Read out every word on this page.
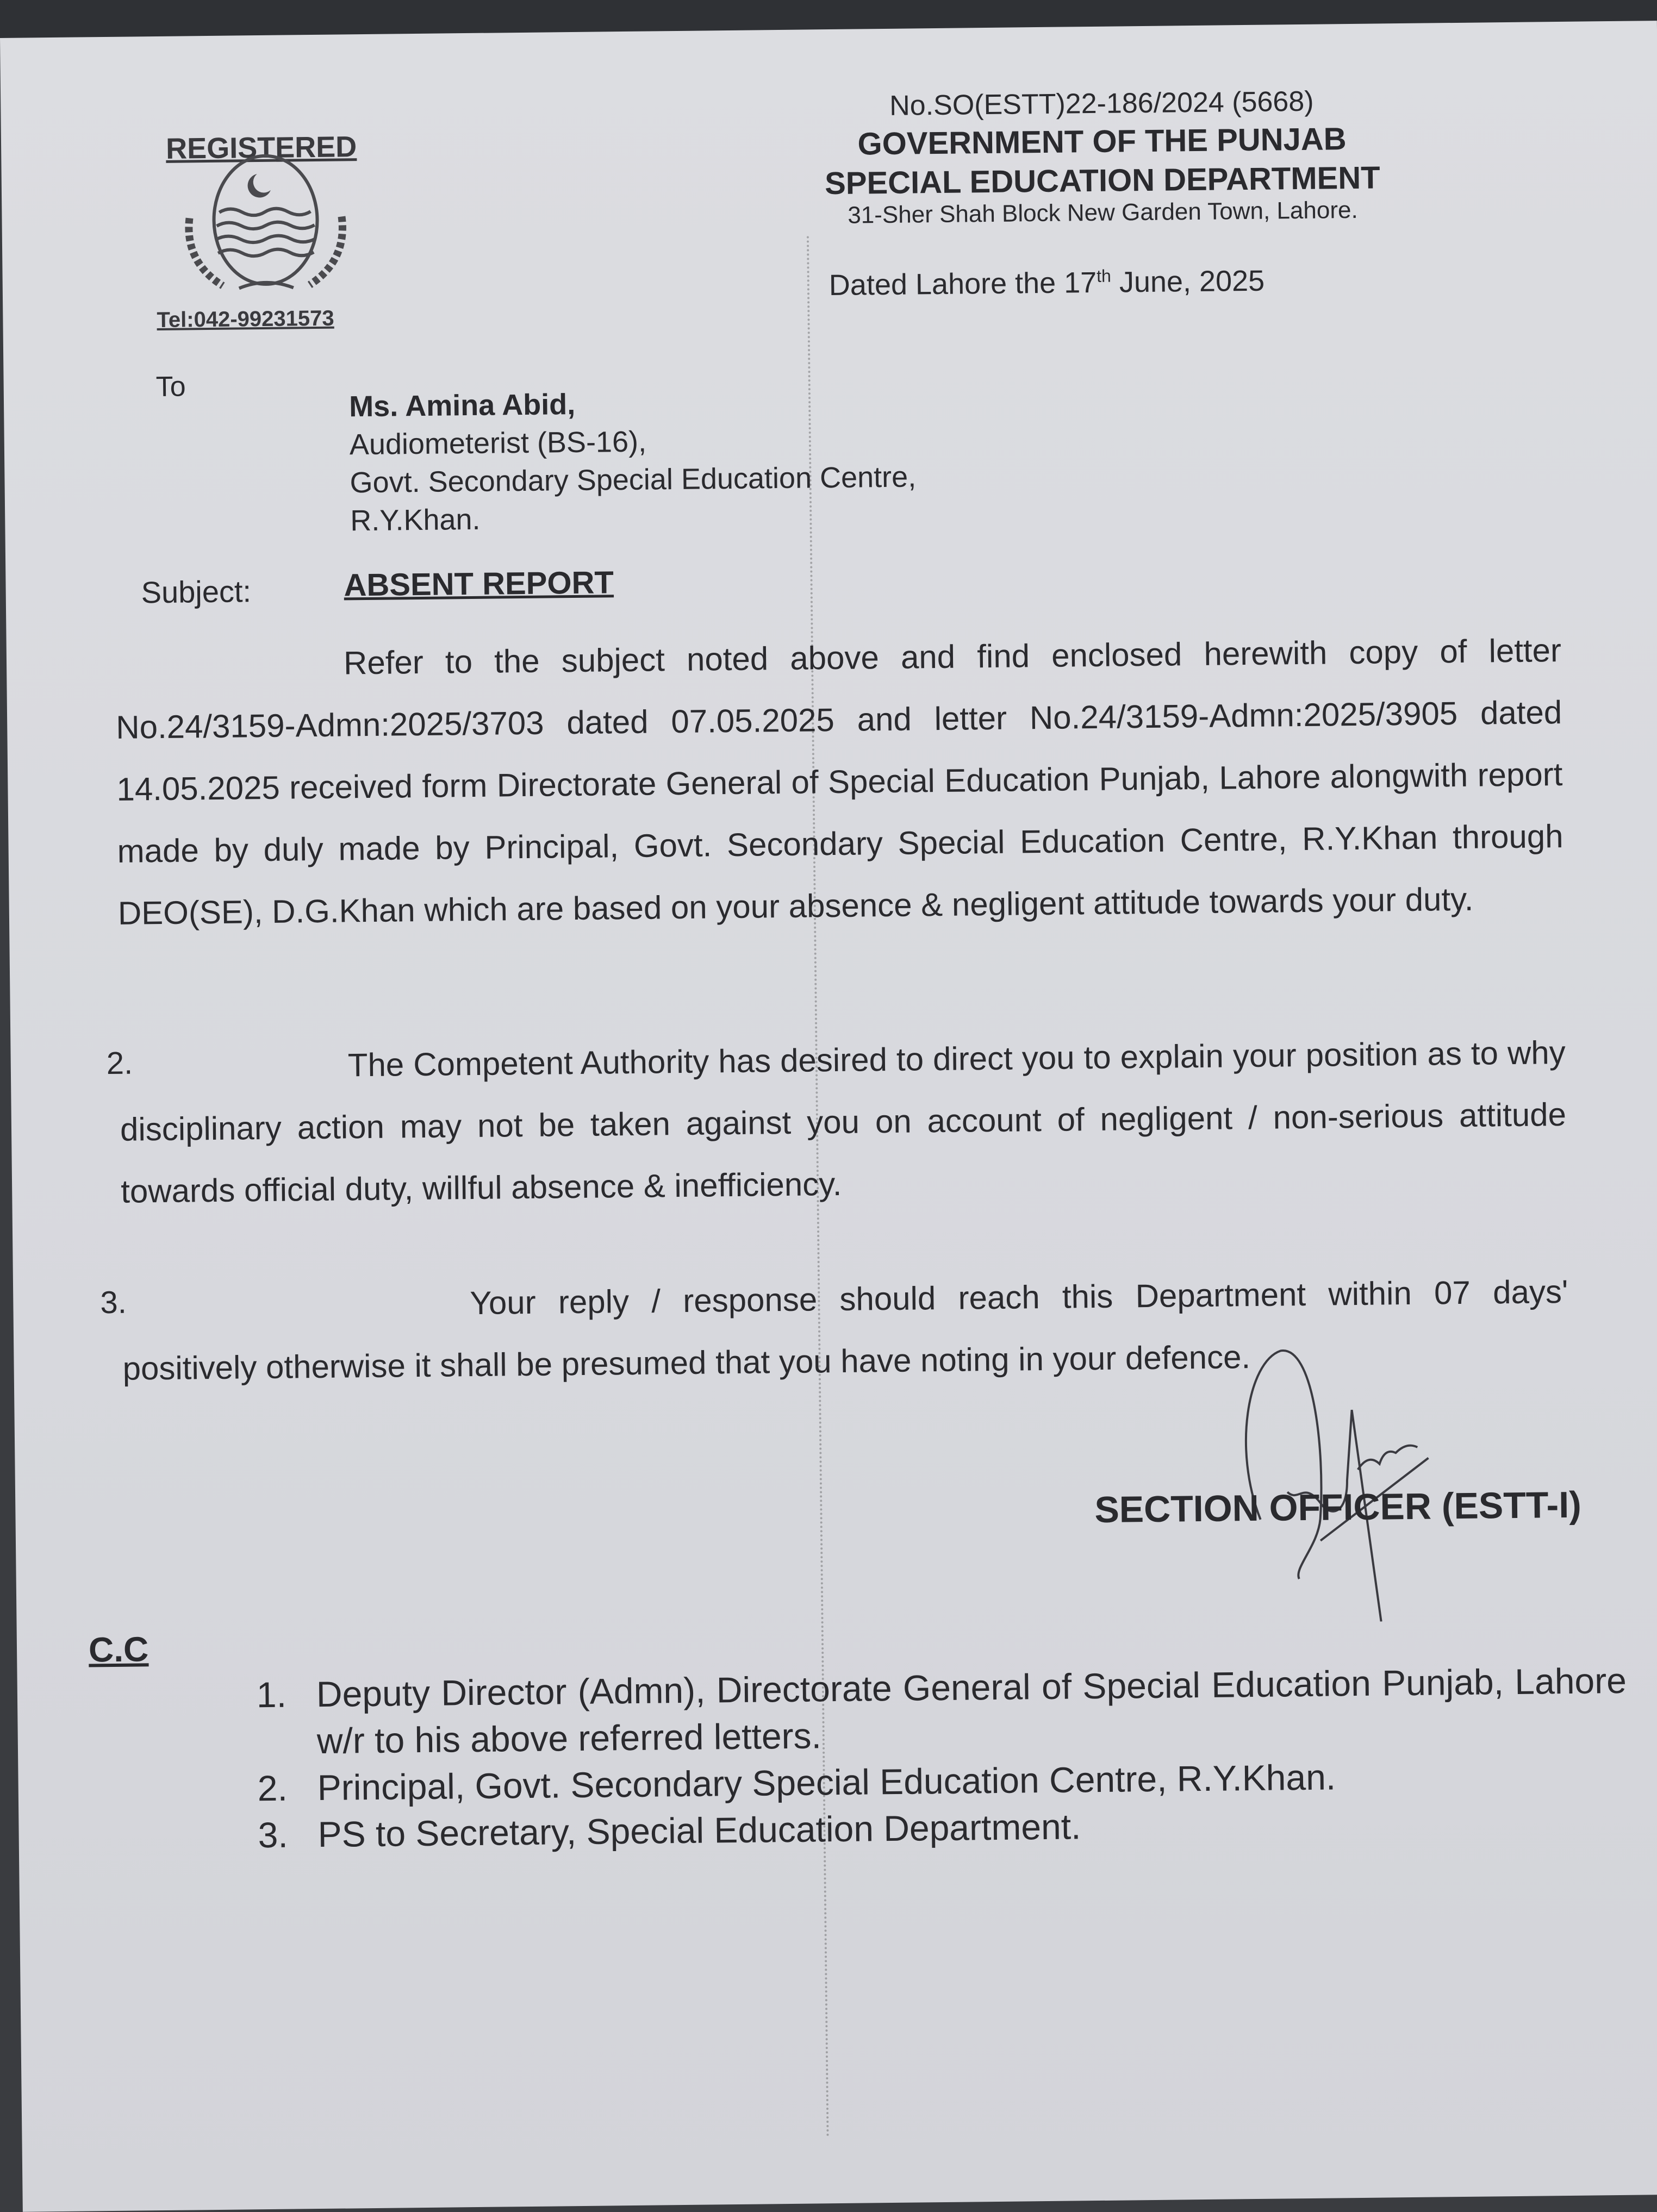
REGISTERED
Tel:042-99231573
No.SO(ESTT)22-186/2024 (5668)
GOVERNMENT OF THE PUNJAB
SPECIAL EDUCATION DEPARTMENT
31-Sher Shah Block New Garden Town, Lahore.
Dated Lahore the 17th June, 2025
To
Ms. Amina Abid,
Audiometerist (BS-16),
Govt. Secondary Special Education Centre,
R.Y.Khan.
Subject:	ABSENT REPORT
Refer to the subject noted above and find enclosed herewith copy of letter No.24/3159-Admn:2025/3703 dated 07.05.2025 and letter No.24/3159-Admn:2025/3905 dated 14.05.2025 received form Directorate General of Special Education Punjab, Lahore alongwith report made by duly made by Principal, Govt. Secondary Special Education Centre, R.Y.Khan through DEO(SE), D.G.Khan which are based on your absence & negligent attitude towards your duty.
2.	The Competent Authority has desired to direct you to explain your position as to why disciplinary action may not be taken against you on account of negligent / non-serious attitude towards official duty, willful absence & inefficiency.
3.	Your reply / response should reach this Department within 07 days' positively otherwise it shall be presumed that you have noting in your defence.
SECTION OFFICER (ESTT-I)
C.C
1. Deputy Director (Admn), Directorate General of Special Education Punjab, Lahore w/r to his above referred letters.
2. Principal, Govt. Secondary Special Education Centre, R.Y.Khan.
3. PS to Secretary, Special Education Department.
